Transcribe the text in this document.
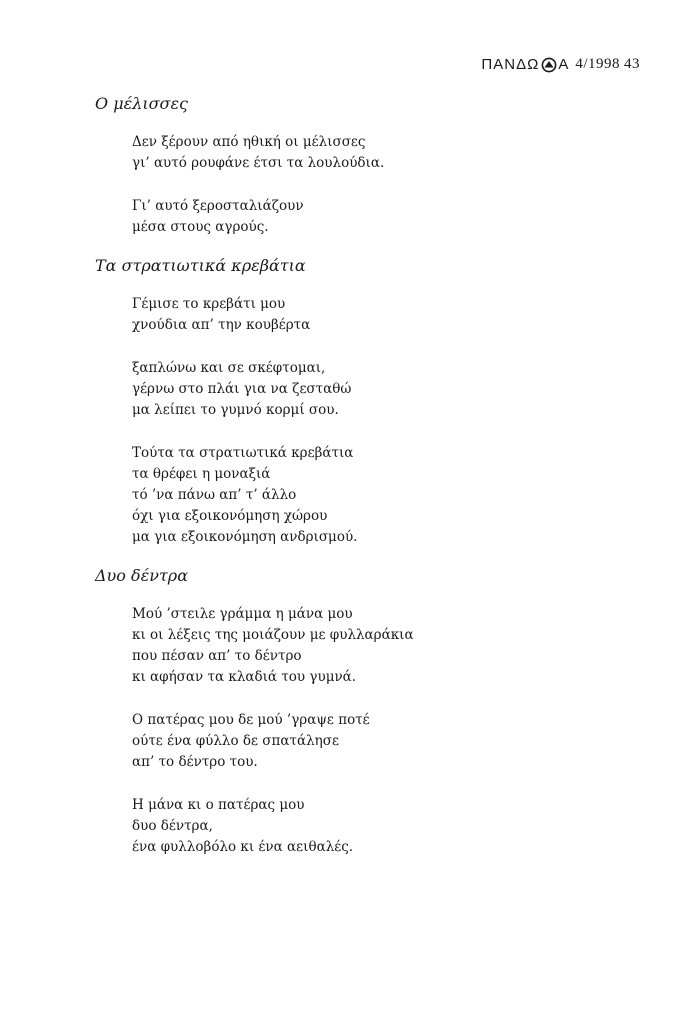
ΠΑΝΔΩ Α 4/1998 43
Ο μέλισσες
Δεν ξέρουν από ηθική οι μέλισσες
γι’ αυτό ρουφάνε έτσι τα λουλούδια.
Γι’ αυτό ξεροσταλιάζουν
μέσα στους αγρούς.
Τα στρατιωτικά κρεβάτια
Γέμισε το κρεβάτι μου
χνούδια απ’ την κουβέρτα
ξαπλώνω και σε σκέφτομαι,
γέρνω στο πλάι για να ζεσταθώ
μα λείπει το γυμνό κορμί σου.
Τούτα τα στρατιωτικά κρεβάτια
τα θρέφει η μοναξιά
τό ’να πάνω απ’ τ’ άλλο
όχι για εξοικονόμηση χώρου
μα για εξοικονόμηση ανδρισμού.
Δυο δέντρα
Μού ’στειλε γράμμα η μάνα μου
κι οι λέξεις της μοιάζουν με φυλλαράκια
που πέσαν απ’ το δέντρο
κι αφήσαν τα κλαδιά του γυμνά.
Ο πατέρας μου δε μού ’γραψε ποτέ
ούτε ένα φύλλο δε σπατάλησε
απ’ το δέντρο του.
Η μάνα κι ο πατέρας μου
δυο δέντρα,
ένα φυλλοβόλο κι ένα αειθαλές.
